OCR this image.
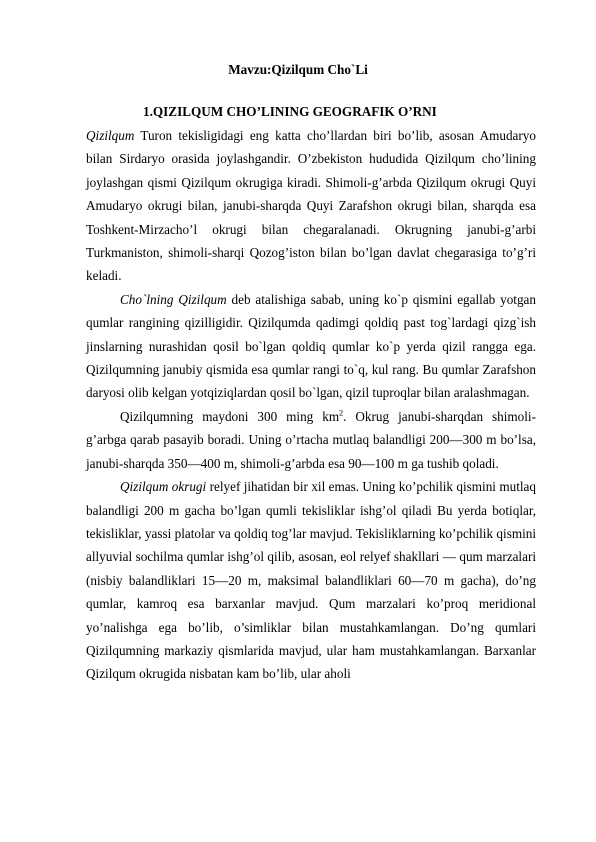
Mavzu:Qizilqum Cho`Li
1.QIZILQUM CHO’LINING GEOGRAFIK O’RNI

Qizilqum Turon tekisligidagi eng katta cho’llardan biri bo’lib, asosan Amudaryo bilan Sirdaryo orasida joylashgandir. O’zbekiston hududida Qizilqum cho’lining joylashgan qismi Qizilqum okrugiga kiradi. Shimoli-g’arbda Qizilqum okrugi Quyi Amudaryo okrugi bilan, janubi-sharqda Quyi Zarafshon okrugi bilan, sharqda esa Toshkent-Mirzacho’l okrugi bilan chegaralanadi. Okrugning janubi-g’arbi Turkmaniston, shimoli-sharqi Qozog’iston bilan bo’lgan davlat chegarasiga to’g’ri keladi.

Cho`lning Qizilqum deb atalishiga sabab, uning ko`p qismini egallab yotgan qumlar rangining qizilligidir. Qizilqumda qadimgi qoldiq past tog`lardagi qizg`ish jinslarning nurashidan qosil bo`lgan qoldiq qumlar ko`p yerda qizil rangga ega. Qizilqumning janubiy qismida esa qumlar rangi to`q, kul rang. Bu qumlar Zarafshon daryosi olib kelgan yotqiziqlardan qosil bo`lgan, qizil tuproqlar bilan aralashmagan.

Qizilqumning maydoni 300 ming $km^2$. Okrug janubi-sharqdan shimoli-g’arbga qarab pasayib boradi. Uning o’rtacha mutlaq balandligi 200—300 m bo’lsa, janubi-sharqda 350—400 m, shimoli-g’arbda esa 90—100 m ga tushib qoladi.

Qizilqum okrugi relyef jihatidan bir xil emas. Uning ko’pchilik qismini mutlaq balandligi 200 m gacha bo’lgan qumli tekisliklar ishg’ol qiladi Bu yerda botiqlar, tekisliklar, yassi platolar va qoldiq tog’lar mavjud. Tekisliklarning ko’pchilik qismini allyuvial sochilma qumlar ishg’ol qilib, asosan, eol relyef shakllari — qum marzalari (nisbiy balandliklari 15—20 m, maksimal balandliklari 60—70 m gacha), do’ng qumlar, kamroq esa barxanlar mavjud. Qum marzalari ko’proq meridional yo’nalishga ega bo’lib, o’simliklar bilan mustahkamlangan. Do’ng qumlari Qizilqumning markaziy qismlarida mavjud, ular ham mustahkamlangan. Barxanlar Qizilqum okrugida nisbatan kam bo’lib, ular aholi
